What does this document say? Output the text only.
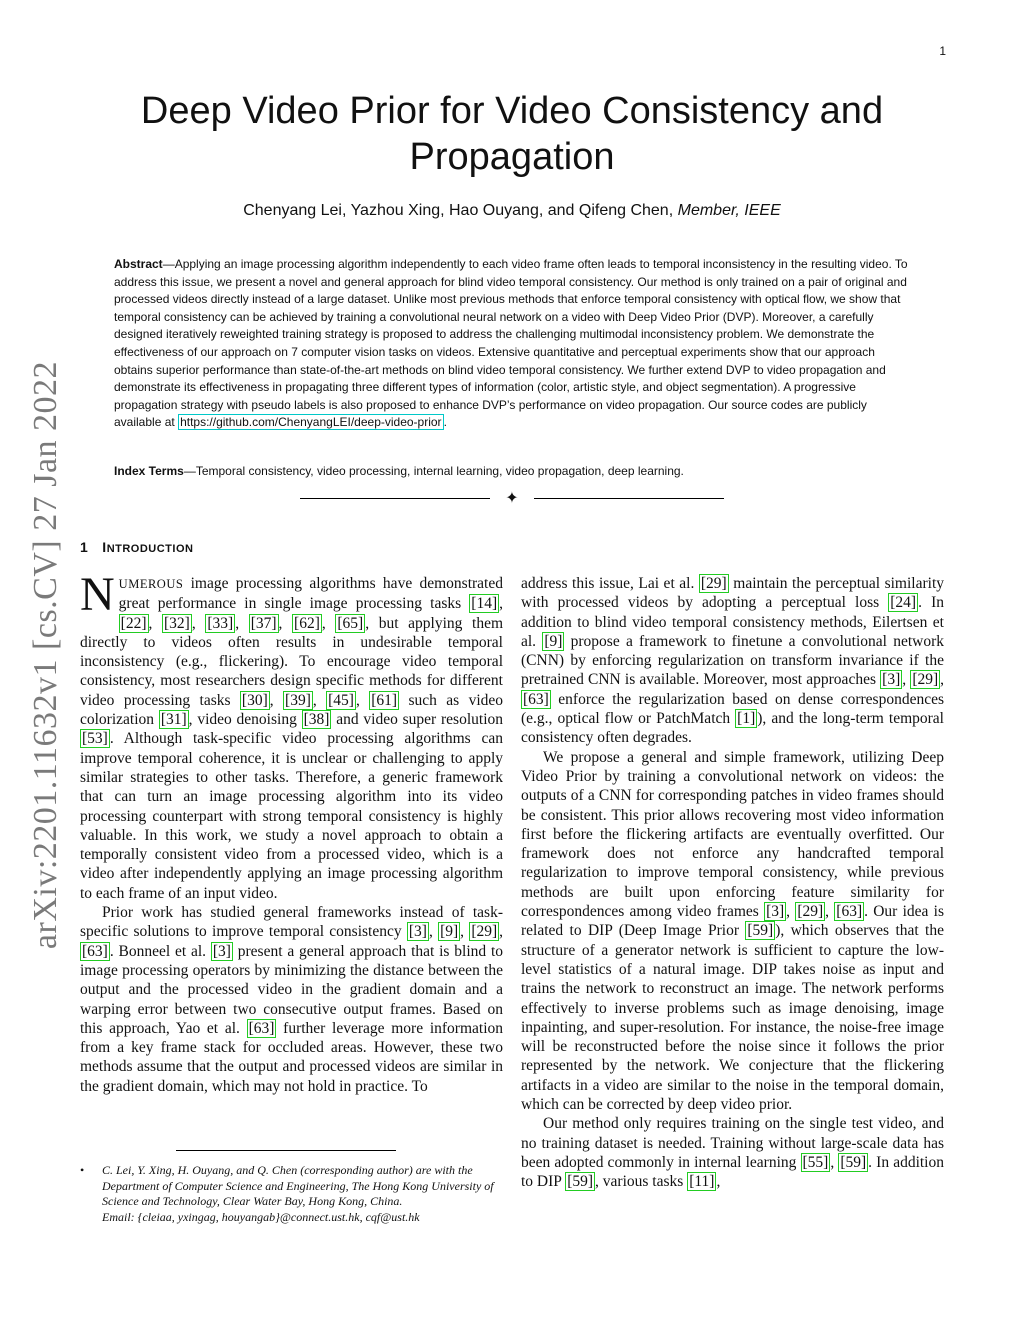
1
arXiv:2201.11632v1 [cs.CV] 27 Jan 2022
Deep Video Prior for Video Consistency and Propagation
Chenyang Lei, Yazhou Xing, Hao Ouyang, and Qifeng Chen, Member, IEEE

Abstract—Applying an image processing algorithm independently to each video frame often leads to temporal inconsistency in the resulting video. To address this issue, we present a novel and general approach for blind video temporal consistency. Our method is only trained on a pair of original and processed videos directly instead of a large dataset. Unlike most previous methods that enforce temporal consistency with optical flow, we show that temporal consistency can be achieved by training a convolutional neural network on a video with Deep Video Prior (DVP). Moreover, a carefully designed iteratively reweighted training strategy is proposed to address the challenging multimodal inconsistency problem. We demonstrate the effectiveness of our approach on 7 computer vision tasks on videos. Extensive quantitative and perceptual experiments show that our approach obtains superior performance than state-of-the-art methods on blind video temporal consistency. We further extend DVP to video propagation and demonstrate its effectiveness in propagating three different types of information (color, artistic style, and object segmentation). A progressive propagation strategy with pseudo labels is also proposed to enhance DVP’s performance on video propagation. Our source codes are publicly available at https://github.com/ChenyangLEI/deep-video-prior .

Index Terms—Temporal consistency, video processing, internal learning, video propagation, deep learning.
✦
1 INTRODUCTION

NUMEROUS image processing algorithms have demonstrated great performance in single image processing tasks [14] , [22] , [32] , [33] , [37] , [62] , [65] , but applying them directly to videos often results in undesirable temporal inconsistency (e.g., flickering). To encourage video temporal consistency, most researchers design specific methods for different video processing tasks [30] , [39] , [45] , [61] such as video colorization [31] , video denoising [38] and video super resolution [53] . Although task-specific video processing algorithms can improve temporal coherence, it is unclear or challenging to apply similar strategies to other tasks. Therefore, a generic framework that can turn an image processing algorithm into its video processing counterpart with strong temporal consistency is highly valuable. In this work, we study a novel approach to obtain a temporally consistent video from a processed video, which is a video after independently applying an image processing algorithm to each frame of an input video.

Prior work has studied general frameworks instead of task-specific solutions to improve temporal consistency [3] , [9] , [29] , [63] . Bonneel et al. [3] present a general approach that is blind to image processing operators by minimizing the distance between the output and the processed video in the gradient domain and a warping error between two consecutive output frames. Based on this approach, Yao et al. [63] further leverage more information from a key frame stack for occluded areas. However, these two methods assume that the output and processed videos are similar in the gradient domain, which may not hold in practice. To

• C. Lei, Y. Xing, H. Ouyang, and Q. Chen (corresponding author) are with the Department of Computer Science and Engineering, The Hong Kong University of Science and Technology, Clear Water Bay, Hong Kong, China.
Email: {cleiaa, yxingag, houyangab}@connect.ust.hk, cqf@ust.hk

address this issue, Lai et al. [29] maintain the perceptual similarity with processed videos by adopting a perceptual loss [24] . In addition to blind video temporal consistency methods, Eilertsen et al. [9] propose a framework to finetune a convolutional network (CNN) by enforcing regularization on transform invariance if the pretrained CNN is available. Moreover, most approaches [3] , [29] , [63] enforce the regularization based on dense correspondences (e.g., optical flow or PatchMatch [1] ), and the long-term temporal consistency often degrades.

We propose a general and simple framework, utilizing Deep Video Prior by training a convolutional network on videos: the outputs of a CNN for corresponding patches in video frames should be consistent. This prior allows recovering most video information first before the flickering artifacts are eventually overfitted. Our framework does not enforce any handcrafted temporal regularization to improve temporal consistency, while previous methods are built upon enforcing feature similarity for correspondences among video frames [3] , [29] , [63] . Our idea is related to DIP (Deep Image Prior [59] ), which observes that the structure of a generator network is sufficient to capture the low-level statistics of a natural image. DIP takes noise as input and trains the network to reconstruct an image. The network performs effectively to inverse problems such as image denoising, image inpainting, and super-resolution. For instance, the noise-free image will be reconstructed before the noise since it follows the prior represented by the network. We conjecture that the flickering artifacts in a video are similar to the noise in the temporal domain, which can be corrected by deep video prior.

Our method only requires training on the single test video, and no training dataset is needed. Training without large-scale data has been adopted commonly in internal learning [55] , [59] . In addition to DIP [59] , various tasks [11] ,
